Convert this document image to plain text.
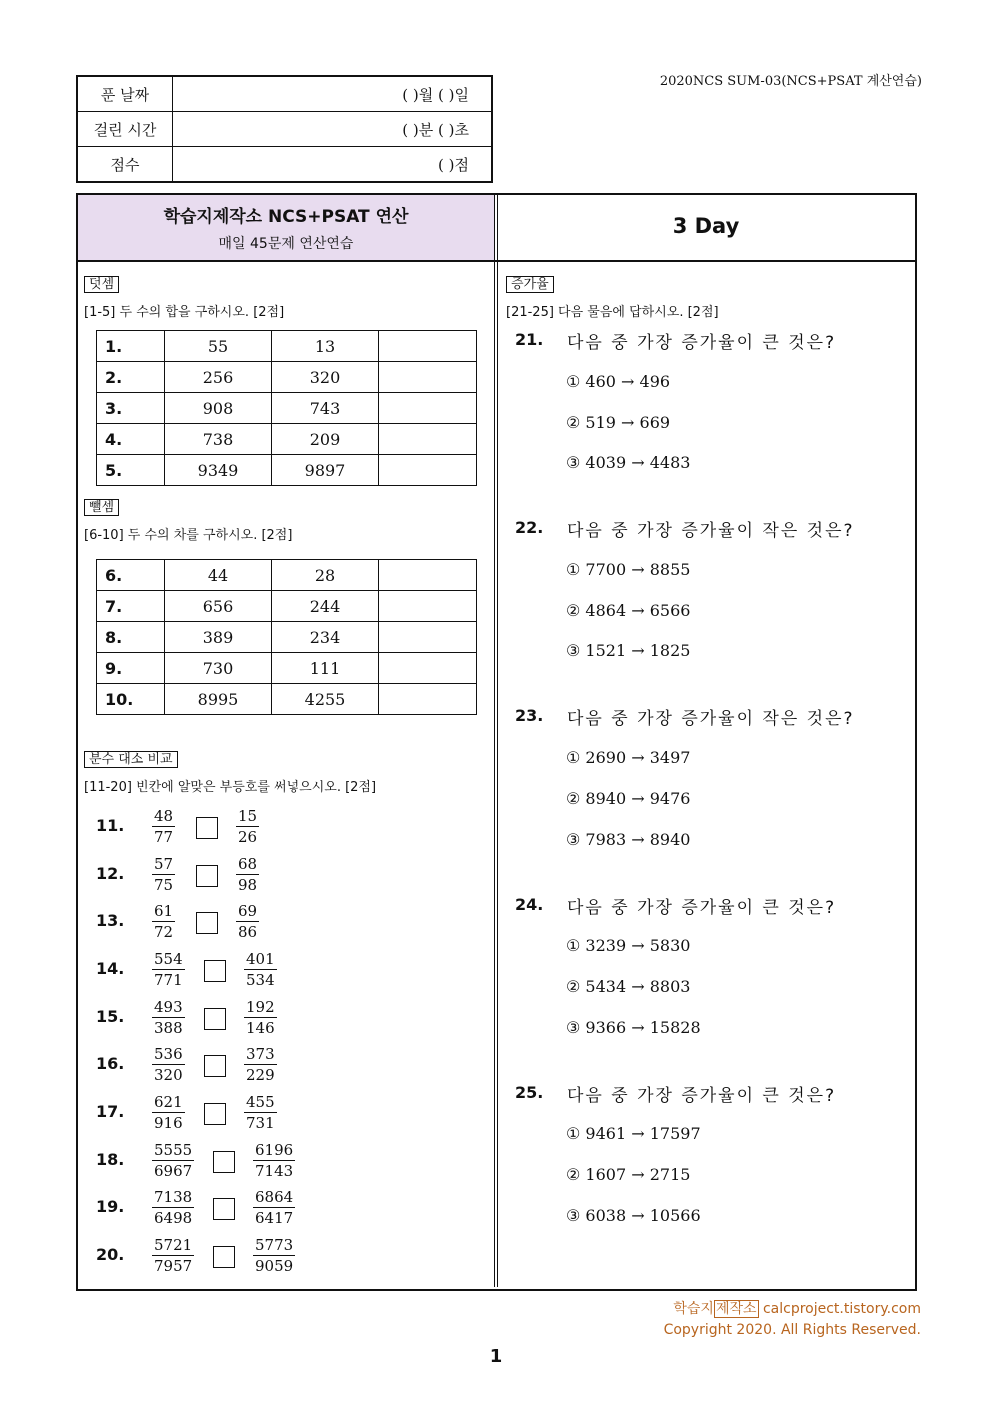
2020NCS SUM-03(NCS+PSAT 계산연습)
푼 날짜	( )월 ( )일
걸린 시간	( )분 ( )초
점수	( )점
학습지제작소 NCS+PSAT 연산
매일 45문제 연산연습
3 Day
덧셈
[1-5] 두 수의 합을 구하시오. [2점]
1.	55	13	
2.	256	320	
3.	908	743	
4.	738	209	
5.	9349	9897	
뺄셈
[6-10] 두 수의 차를 구하시오. [2점]
6.	44	28	
7.	656	244	
8.	389	234	
9.	730	111	
10.	8995	4255	
분수 대소 비교
[11-20] 빈칸에 알맞은 부등호를 써넣으시오. [2점]
11. $\frac{48}{77}$	$\frac{15}{26}$
12. $\frac{57}{75}$	$\frac{68}{98}$
13. $\frac{61}{72}$	$\frac{69}{86}$
14. $\frac{554}{771}$	$\frac{401}{534}$
15. $\frac{493}{388}$	$\frac{192}{146}$
16. $\frac{536}{320}$	$\frac{373}{229}$
17. $\frac{621}{916}$	$\frac{455}{731}$
18. $\frac{5555}{6967}$	$\frac{6196}{7143}$
19. $\frac{7138}{6498}$	$\frac{6864}{6417}$
20. $\frac{5721}{7957}$	$\frac{5773}{9059}$
증가율
[21-25] 다음 물음에 답하시오. [2점]
21. 다음 중 가장 증가율이 큰 것은?
① 460 → 496
② 519 → 669
③ 4039 → 4483
22. 다음 중 가장 증가율이 작은 것은?
① 7700 → 8855
② 4864 → 6566
③ 1521 → 1825
23. 다음 중 가장 증가율이 작은 것은?
① 2690 → 3497
② 8940 → 9476
③ 7983 → 8940
24. 다음 중 가장 증가율이 큰 것은?
① 3239 → 5830
② 5434 → 8803
③ 9366 → 15828
25. 다음 중 가장 증가율이 큰 것은?
① 9461 → 17597
② 1607 → 2715
③ 6038 → 10566
학습지 제작소 calcproject.tistory.com
Copyright 2020. All Rights Reserved.
1
